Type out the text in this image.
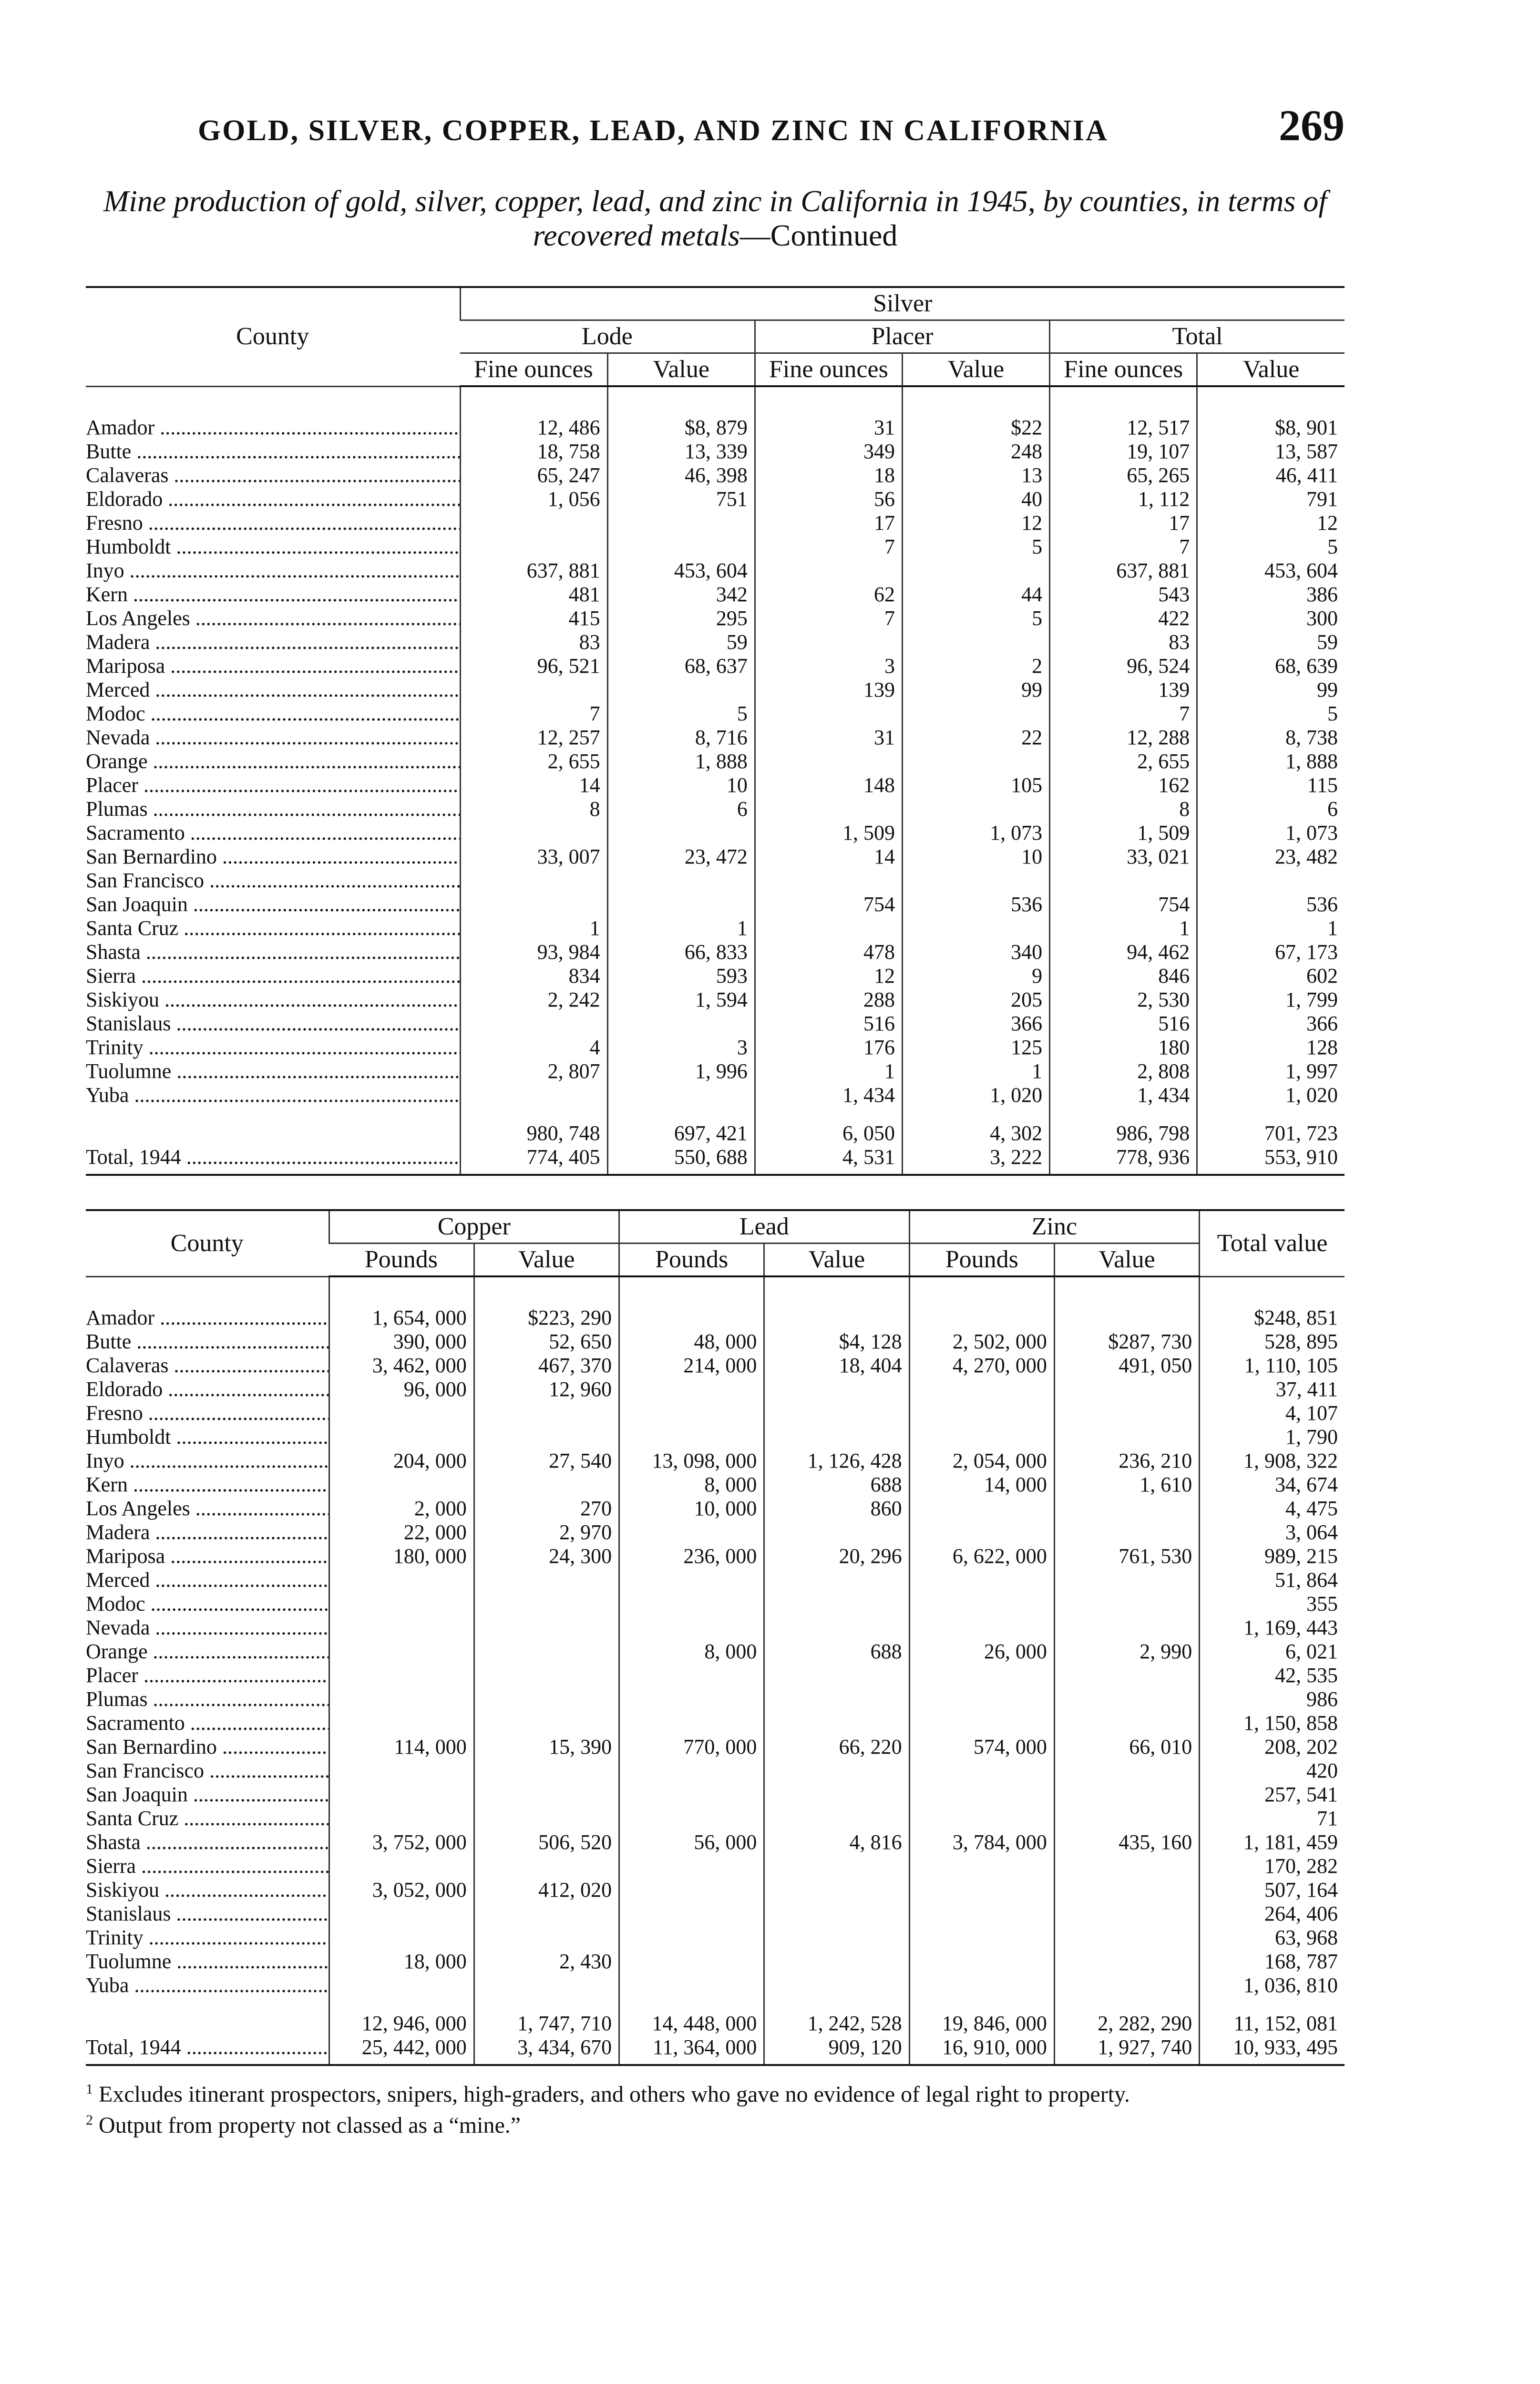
GOLD, SILVER, COPPER, LEAD, AND ZINC IN CALIFORNIA	269
Mine production of gold, silver, copper, lead, and zinc in California in 1945, by counties, in terms of recovered metals—Continued
County	Silver					
	Lode		Placer		Total	
	Fine ounces	Value	Fine ounces	Value	Fine ounces	Value
Amador .....	12, 486	$8, 879	31	$22	12, 517	$8, 901
Butte .....	18, 758	13, 339	349	248	19, 107	13, 587
Calaveras .....	65, 247	46, 398	18	13	65, 265	46, 411
Eldorado .....	1, 056	751	56	40	1, 112	791
Fresno .....			17	12	17	12
Humboldt .....			7	5	7	5
Inyo .....	637, 881	453, 604			637, 881	453, 604
Kern .....	481	342	62	44	543	386
Los Angeles .....	415	295	7	5	422	300
Madera .....	83	59			83	59
Mariposa .....	96, 521	68, 637	3	2	96, 524	68, 639
Merced .....			139	99	139	99
Modoc .....	7	5			7	5
Nevada .....	12, 257	8, 716	31	22	12, 288	8, 738
Orange .....	2, 655	1, 888			2, 655	1, 888
Placer .....	14	10	148	105	162	115
Plumas .....	8	6			8	6
Sacramento .....			1, 509	1, 073	1, 509	1, 073
San Bernardino .....	33, 007	23, 472	14	10	33, 021	23, 482
San Francisco .....						
San Joaquin .....			754	536	754	536
Santa Cruz .....	1	1			1	1
Shasta .....	93, 984	66, 833	478	340	94, 462	67, 173
Sierra .....	834	593	12	9	846	602
Siskiyou .....	2, 242	1, 594	288	205	2, 530	1, 799
Stanislaus .....			516	366	516	366
Trinity .....	4	3	176	125	180	128
Tuolumne .....	2, 807	1, 996	1	1	2, 808	1, 997
Yuba .....			1, 434	1, 020	1, 434	1, 020
	980, 748	697, 421	6, 050	4, 302	986, 798	701, 723
Total, 1944 .....	774, 405	550, 688	4, 531	3, 222	778, 936	553, 910
County	Copper		Lead		Zinc		Total value
	Pounds	Value	Pounds	Value	Pounds	Value	
Amador .....	1, 654, 000	$223, 290					$248, 851
Butte .....	390, 000	52, 650	48, 000	$4, 128	2, 502, 000	$287, 730	528, 895
Calaveras .....	3, 462, 000	467, 370	214, 000	18, 404	4, 270, 000	491, 050	1, 110, 105
Eldorado .....	96, 000	12, 960					37, 411
Fresno .....							4, 107
Humboldt .....							1, 790
Inyo .....	204, 000	27, 540	13, 098, 000	1, 126, 428	2, 054, 000	236, 210	1, 908, 322
Kern .....			8, 000	688	14, 000	1, 610	34, 674
Los Angeles .....	2, 000	270	10, 000	860			4, 475
Madera .....	22, 000	2, 970					3, 064
Mariposa .....	180, 000	24, 300	236, 000	20, 296	6, 622, 000	761, 530	989, 215
Merced .....							51, 864
Modoc .....							355
Nevada .....							1, 169, 443
Orange .....			8, 000	688	26, 000	2, 990	6, 021
Placer .....							42, 535
Plumas .....							986
Sacramento .....							1, 150, 858
San Bernardino .....	114, 000	15, 390	770, 000	66, 220	574, 000	66, 010	208, 202
San Francisco .....							420
San Joaquin .....							257, 541
Santa Cruz .....							71
Shasta .....	3, 752, 000	506, 520	56, 000	4, 816	3, 784, 000	435, 160	1, 181, 459
Sierra .....							170, 282
Siskiyou .....	3, 052, 000	412, 020					507, 164
Stanislaus .....							264, 406
Trinity .....							63, 968
Tuolumne .....	18, 000	2, 430					168, 787
Yuba .....							1, 036, 810
	12, 946, 000	1, 747, 710	14, 448, 000	1, 242, 528	19, 846, 000	2, 282, 290	11, 152, 081
Total, 1944 .....	25, 442, 000	3, 434, 670	11, 364, 000	909, 120	16, 910, 000	1, 927, 740	10, 933, 495

$^1$ Excludes itinerant prospectors, snipers, high-graders, and others who gave no evidence of legal right to property.

$^2$ Output from property not classed as a “mine.”
